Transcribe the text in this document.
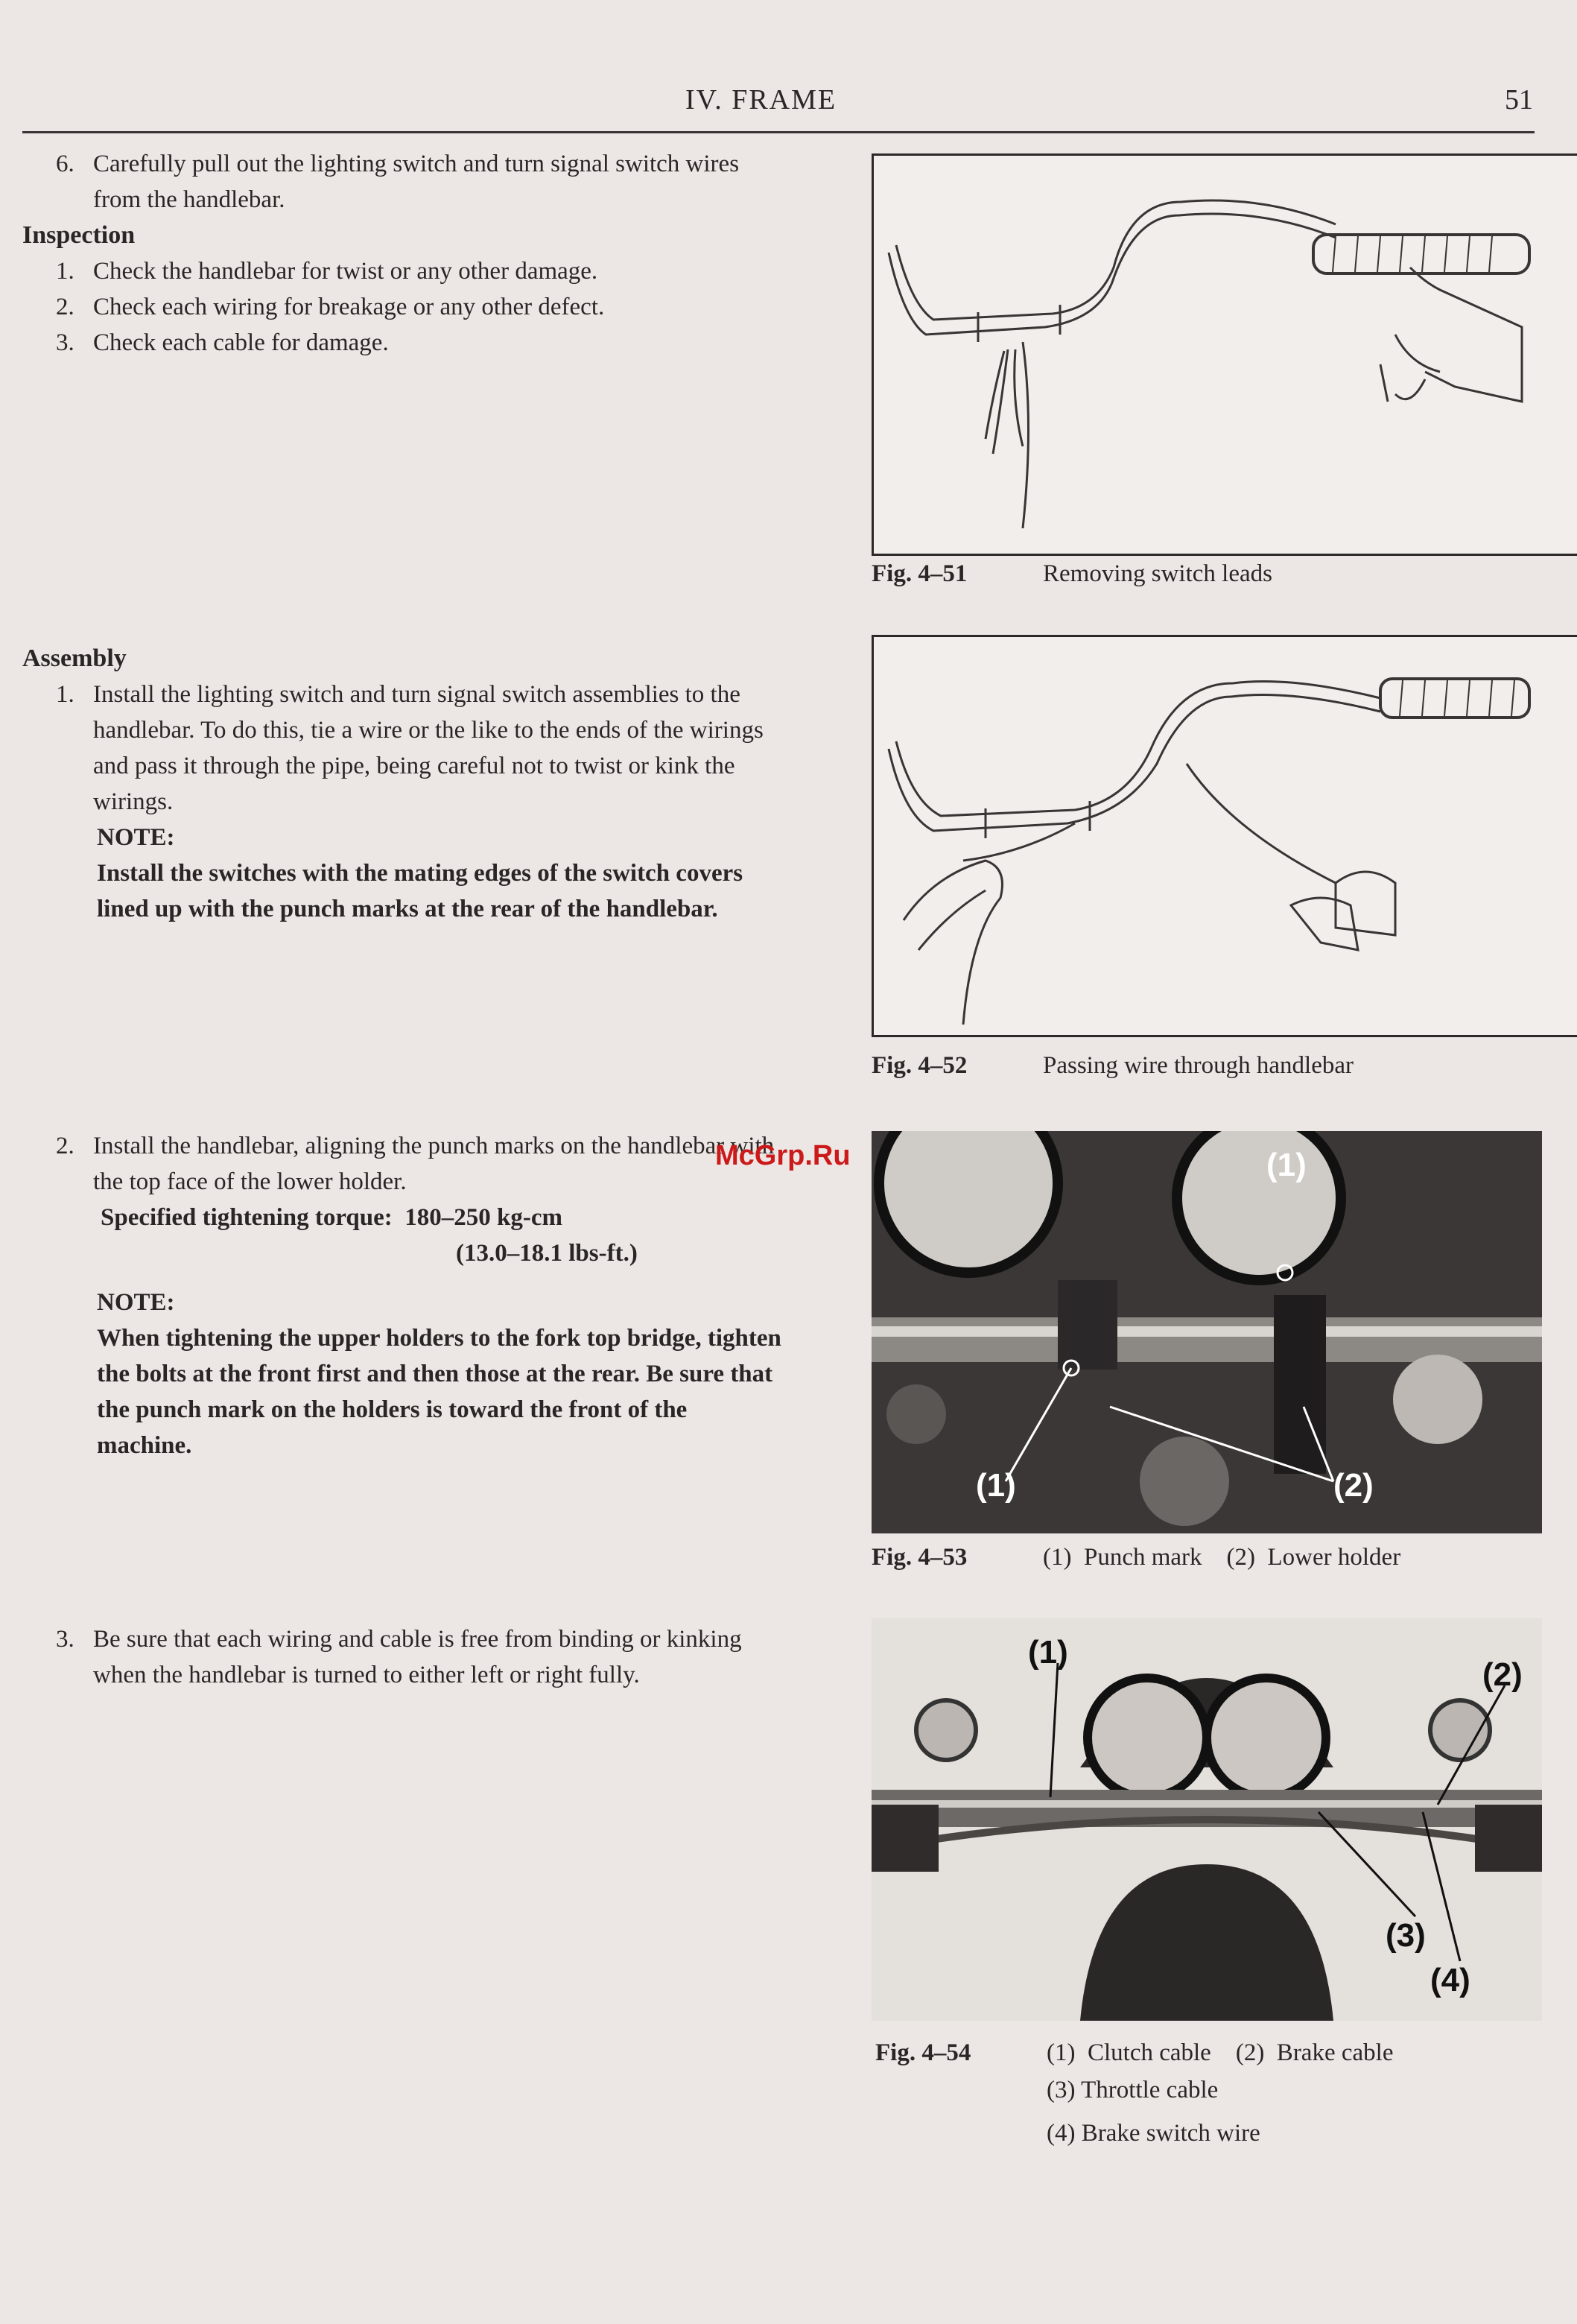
IV. FRAME	51
6. Carefully pull out the lighting switch and turn signal switch wires from the handlebar.
Inspection
1. Check the handlebar for twist or any other damage.
2. Check each wiring for breakage or any other defect.
3. Check each cable for damage.
Assembly
1. Install the lighting switch and turn signal switch assemblies to the handlebar. To do this, tie a wire or the like to the ends of the wirings and pass it through the pipe, being careful not to twist or kink the wirings.
NOTE:
Install the switches with the mating edges of the switch covers lined up with the punch marks at the rear of the handlebar.
2. Install the handlebar, aligning the punch marks on the handlebar with the top face of the lower holder.
Specified tightening torque: 180–250 kg-cm
(13.0–18.1 lbs-ft.)
NOTE:
When tightening the upper holders to the fork top bridge, tighten the bolts at the front first and then those at the rear. Be sure that the punch mark on the holders is toward the front of the machine.
3. Be sure that each wiring and cable is free from binding or kinking when the handlebar is turned to either left or right fully.
McGrp.Ru
Fig. 4–51	Removing switch leads
Fig. 4–52	Passing wire through handlebar
(1)
(1)	(2)
Fig. 4–53	(1)  Punch mark    (2)  Lower holder
(1)
(2)
(3)
(4)
Fig. 4–54	(1)  Clutch cable    (2)  Brake cable
(3) Throttle cable
(4) Brake switch wire
